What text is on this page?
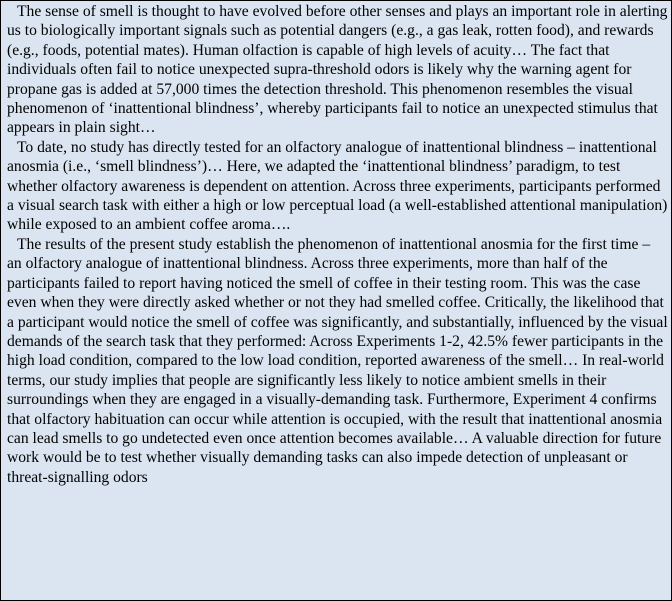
The sense of smell is thought to have evolved before other senses and plays an important role in alerting us to biologically important signals such as potential dangers (e.g., a gas leak, rotten food), and rewards (e.g., foods, potential mates). Human olfaction is capable of high levels of acuity… The fact that individuals often fail to notice unexpected supra-threshold odors is likely why the warning agent for propane gas is added at 57,000 times the detection threshold. This phenomenon resembles the visual phenomenon of ‘inattentional blindness’, whereby participants fail to notice an unexpected stimulus that appears in plain sight…

To date, no study has directly tested for an olfactory analogue of inattentional blindness – inattentional anosmia (i.e., ‘smell blindness’)… Here, we adapted the ‘inattentional blindness’ paradigm, to test whether olfactory awareness is dependent on attention. Across three experiments, participants performed a visual search task with either a high or low perceptual load (a well-established attentional manipulation) while exposed to an ambient coffee aroma….

The results of the present study establish the phenomenon of inattentional anosmia for the first time – an olfactory analogue of inattentional blindness. Across three experiments, more than half of the participants failed to report having noticed the smell of coffee in their testing room. This was the case even when they were directly asked whether or not they had smelled coffee. Critically, the likelihood that a participant would notice the smell of coffee was significantly, and substantially, influenced by the visual demands of the search task that they performed: Across Experiments 1-2, 42.5% fewer participants in the high load condition, compared to the low load condition, reported awareness of the smell… In real-world terms, our study implies that people are significantly less likely to notice ambient smells in their surroundings when they are engaged in a visually-demanding task. Furthermore, Experiment 4 confirms that olfactory habituation can occur while attention is occupied, with the result that inattentional anosmia can lead smells to go undetected even once attention becomes available… A valuable direction for future work would be to test whether visually demanding tasks can also impede detection of unpleasant or threat-signalling odors
